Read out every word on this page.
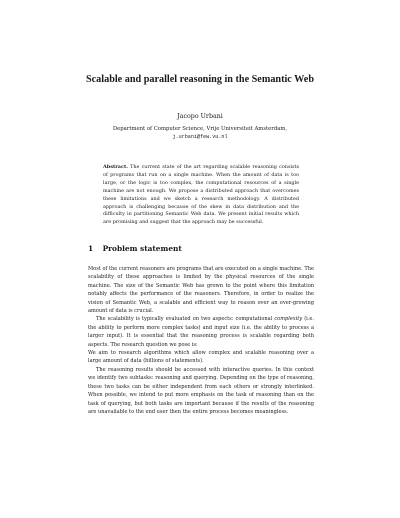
Scalable and parallel reasoning in the Semantic Web
Jacopo Urbani
Department of Computer Science, Vrije Universiteit Amsterdam,
j.urbani@few.vu.nl
Abstract. The current state of the art regarding scalable reasoning consists of programs that run on a single machine. When the amount of data is too large, or the logic is too complex, the computational resources of a single machine are not enough. We propose a distributed approach that overcomes these limitations and we sketch a research methodology. A distributed approach is challenging because of the skew in data distribution and the difficulty in partitioning Semantic Web data. We present initial results which are promising and suggest that the approach may be successful.
1 Problem statement

Most of the current reasoners are programs that are executed on a single machine. The scalability of these approaches is limited by the physical resources of the single machine. The size of the Semantic Web has grown to the point where this limitation notably affects the performance of the reasoners. Therefore, in order to realize the vision of Semantic Web, a scalable and efficient way to reason over an ever-growing amount of data is crucial.

The scalability is typically evaluated on two aspects: computational complexity (i.e. the ability to perform more complex tasks) and input size (i.e. the ability to process a larger input). It is essential that the reasoning process is scalable regarding both aspects. The research question we pose is:

We aim to research algorithms which allow complex and scalable reasoning over a large amount of data (billions of statements).

The reasoning results should be accessed with interactive queries. In this context we identify two subtasks: reasoning and querying. Depending on the type of reasoning, these two tasks can be either independent from each others or strongly interlinked. When possible, we intend to put more emphasis on the task of reasoning than on the task of querying, but both tasks are important because if the results of the reasoning are unavailable to the end user then the entire process becomes meaningless.
